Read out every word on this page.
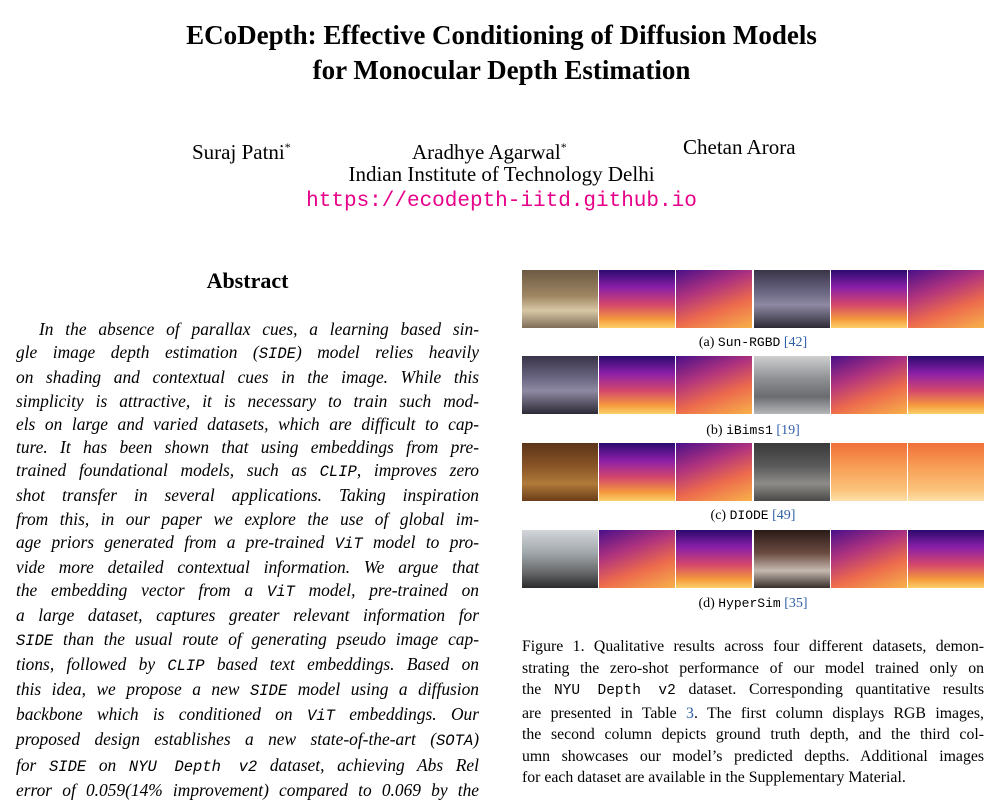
ECoDepth: Effective Conditioning of Diffusion Models
for Monocular Depth Estimation
Suraj Patni*	Aradhye Agarwal*	Chetan Arora
Indian Institute of Technology Delhi
https://ecodepth-iitd.github.io
Abstract
In the absence of parallax cues, a learning based sin-
gle image depth estimation (SIDE) model relies heavily
on shading and contextual cues in the image. While this
simplicity is attractive, it is necessary to train such mod-
els on large and varied datasets, which are difficult to cap-
ture. It has been shown that using embeddings from pre-
trained foundational models, such as CLIP, improves zero
shot transfer in several applications. Taking inspiration
from this, in our paper we explore the use of global im-
age priors generated from a pre-trained ViT model to pro-
vide more detailed contextual information. We argue that
the embedding vector from a ViT model, pre-trained on
a large dataset, captures greater relevant information for
SIDE than the usual route of generating pseudo image cap-
tions, followed by CLIP based text embeddings. Based on
this idea, we propose a new SIDE model using a diffusion
backbone which is conditioned on ViT embeddings. Our
proposed design establishes a new state-of-the-art (SOTA)
for SIDE on NYU Depth v2 dataset, achieving Abs Rel
error of 0.059(14% improvement) compared to 0.069 by the
(a) Sun-RGBD [42]
(b) iBims1 [19]
(c) DIODE [49]
(d) HyperSim [35]
Figure 1. Qualitative results across four different datasets, demon-
strating the zero-shot performance of our model trained only on
the NYU Depth v2 dataset. Corresponding quantitative results
are presented in Table 3. The first column displays RGB images,
the second column depicts ground truth depth, and the third col-
umn showcases our model’s predicted depths. Additional images
for each dataset are available in the Supplementary Material.
